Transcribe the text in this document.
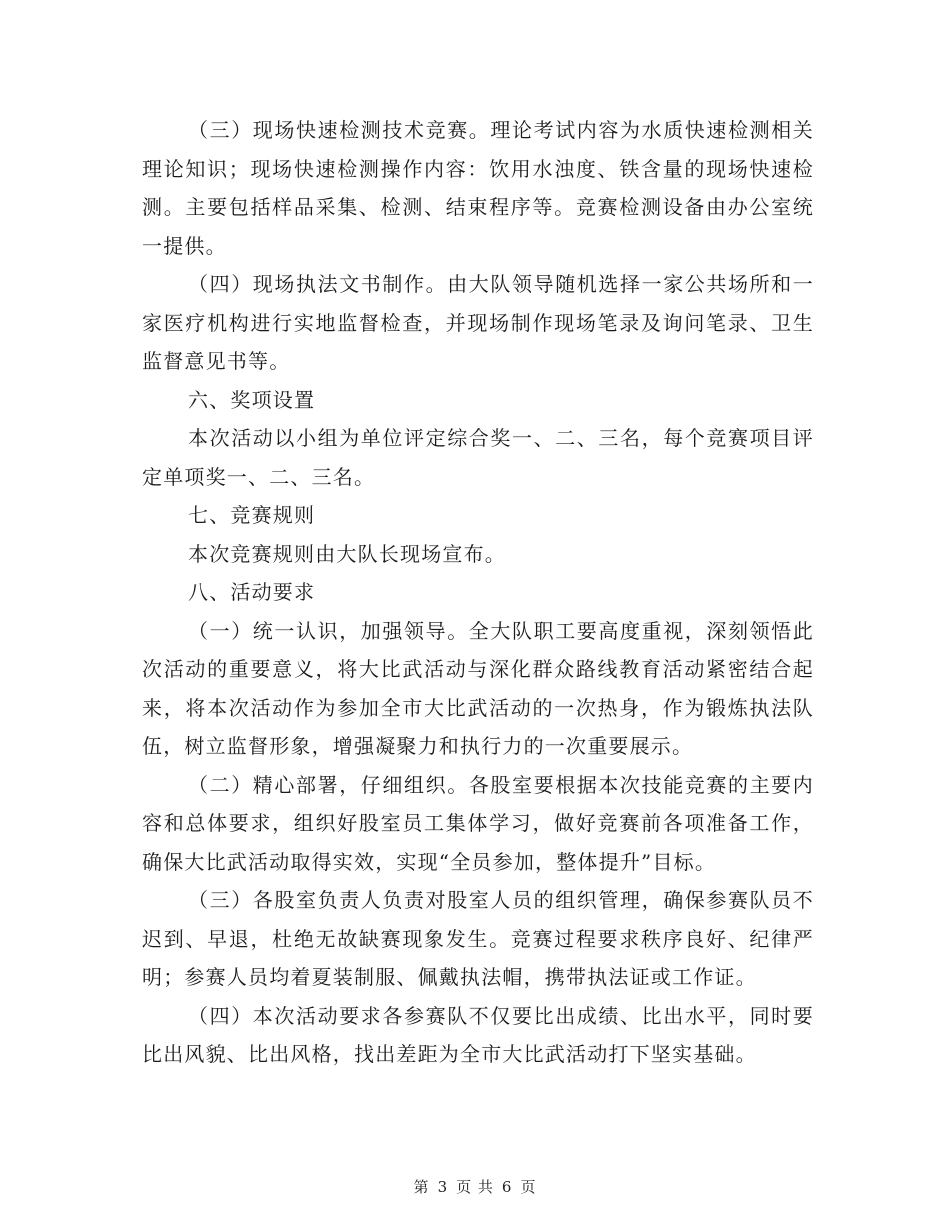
（三）现场快速检测技术竞赛。理论考试内容为水质快速检测相关理论知识；现场快速检测操作内容：饮用水浊度、铁含量的现场快速检测。主要包括样品采集、检测、结束程序等。竞赛检测设备由办公室统一提供。

（四）现场执法文书制作。由大队领导随机选择一家公共场所和一家医疗机构进行实地监督检查，并现场制作现场笔录及询问笔录、卫生监督意见书等。

六、奖项设置

本次活动以小组为单位评定综合奖一、二、三名，每个竞赛项目评定单项奖一、二、三名。

七、竞赛规则

本次竞赛规则由大队长现场宣布。

八、活动要求

（一）统一认识，加强领导。全大队职工要高度重视，深刻领悟此次活动的重要意义，将大比武活动与深化群众路线教育活动紧密结合起来，将本次活动作为参加全市大比武活动的一次热身，作为锻炼执法队伍，树立监督形象，增强凝聚力和执行力的一次重要展示。

（二）精心部署，仔细组织。各股室要根据本次技能竞赛的主要内容和总体要求，组织好股室员工集体学习，做好竞赛前各项准备工作，确保大比武活动取得实效，实现“全员参加，整体提升”目标。

（三）各股室负责人负责对股室人员的组织管理，确保参赛队员不迟到、早退，杜绝无故缺赛现象发生。竞赛过程要求秩序良好、纪律严明；参赛人员均着夏装制服、佩戴执法帽，携带执法证或工作证。

（四）本次活动要求各参赛队不仅要比出成绩、比出水平，同时要比出风貌、比出风格，找出差距为全市大比武活动打下坚实基础。

第 3 页 共 6 页
